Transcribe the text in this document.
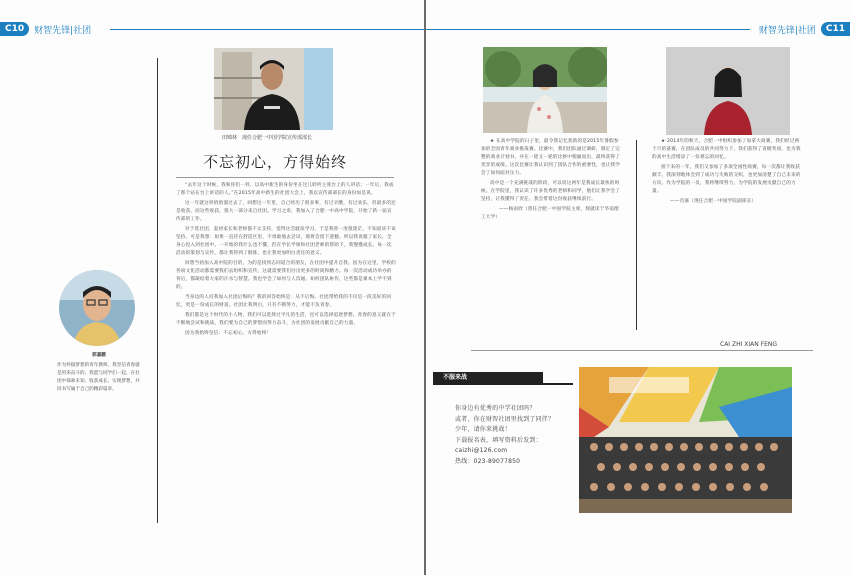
C10	财智先锋|社团
田锦林　现任合肥一中国学院宣传部部长
不忘初心，方得始终

“去年这个时候，我和你们一样，以高中新生的身份坐在这儿聆听主席台上的人讲话；一年后，我成了那个站在台上讲话的人。”在2015年高中新生的社团大会上，我以宣传部部长的身份如是说。

这一年就这样悄悄溜过去了，回想这一年里，自己经历了很多事，有过辛酸，有过欢乐，但最多的还是收获。而这些收获，很大一部分来自社团。学习之余，我加入了合肥一中高中学院，开始了新一届宣传部的工作。

对于选社团，起初家长和老师都不太支持，觉得这会耽误学习。于是我曾一度很迷茫，不知道该不该坚持。可是我想：如果一直待在舒适区里，不勇敢地去尝试，那将会留下遗憾。所以我说服了家长，全身心投入到社团中。一开始的我什么也不懂，但在学长学姐和社团老师的帮助下，我慢慢成长。每一次活动的策划与宣传，都让我得到了锻炼，也让我更加明白责任的意义。

回想当初加入高中院的目的，为的是找到志同道合的朋友，在社团中提升自我。因为在这里，学校的各项文化活动都需要我们去组织和宣传，这就需要我们付出更多的时间和精力。每一次活动成功举办的背后，都凝结着大家的汗水与智慧。我也学会了如何与人沟通、如何团队协作，这些都是课本上学不到的。

当身边的人问我加入社团后悔吗？我的回答始终是：从不后悔。社团带给我的不仅是一段美好的回忆，更是一份成长的财富。社团让我明白，只有不断努力，才能不负青春。

我们都是这个时代的小人物，我们可以选择过平凡的生活，也可以选择追逐梦想。青春的意义就在于不断地尝试和挑战。我们要为自己的梦想而努力奋斗，为社团的发展贡献自己的力量。

因为我始终坚信：不忘初心，方得始终！

郭嘉鹏
作为怀揣梦想的青年教师，我坚信青春就是用来奋斗的。我愿与同学们一起，在社团中探索未知、收获成长、实现梦想，共同书写属于自己的精彩篇章。
财智先锋|社团	C11

★ 在高中学院的日子里，最令我记忆犹新的是2015年暑假参加的全国青年商业挑战赛。比赛中，我们团队通过调研，制定了完整的商业计划书，并在一轮又一轮的比拼中脱颖而出，最终获得了优异的成绩。这次比赛让我认识到了团队合作的重要性，也让我学会了如何面对压力。

高中是一个充满挑战的阶段，可以说这两年是我成长最快的时候。在学院里，我认识了许多优秀的老师和同学，他们让我学会了坚持，让我懂得了责任。我会带着这份收获继续前行。

——杨雨欣（曾任合肥一中国学院主席，现就读于华南理工大学）

★ 2014年的秋天，合肥一中组织参加了加拿大商赛，我们经过两个月的备赛，在团队成员的共同努力下，我们获得了省级奖项，也为我的高中生活增添了一份难忘的回忆。

接下来的一年，我们又参加了多项全国性商赛，每一次都让我收获颇丰。我深刻地体会到了成功与失败的交织，也更加清楚了自己未来的方向。作为学院的一员，我将继续努力，为学院的发展贡献自己的力量。

——肖嘉（现任合肥一中国学院副部长）

CAI ZHI XIAN FENG
不服来战
你身边有优秀的中学社团吗？
或者，你在财智社团里找到了同伴？
少年，请你来挑战！
下载报名表，填写资料后发到：
caizhi@126.com
热线：023-89077850
